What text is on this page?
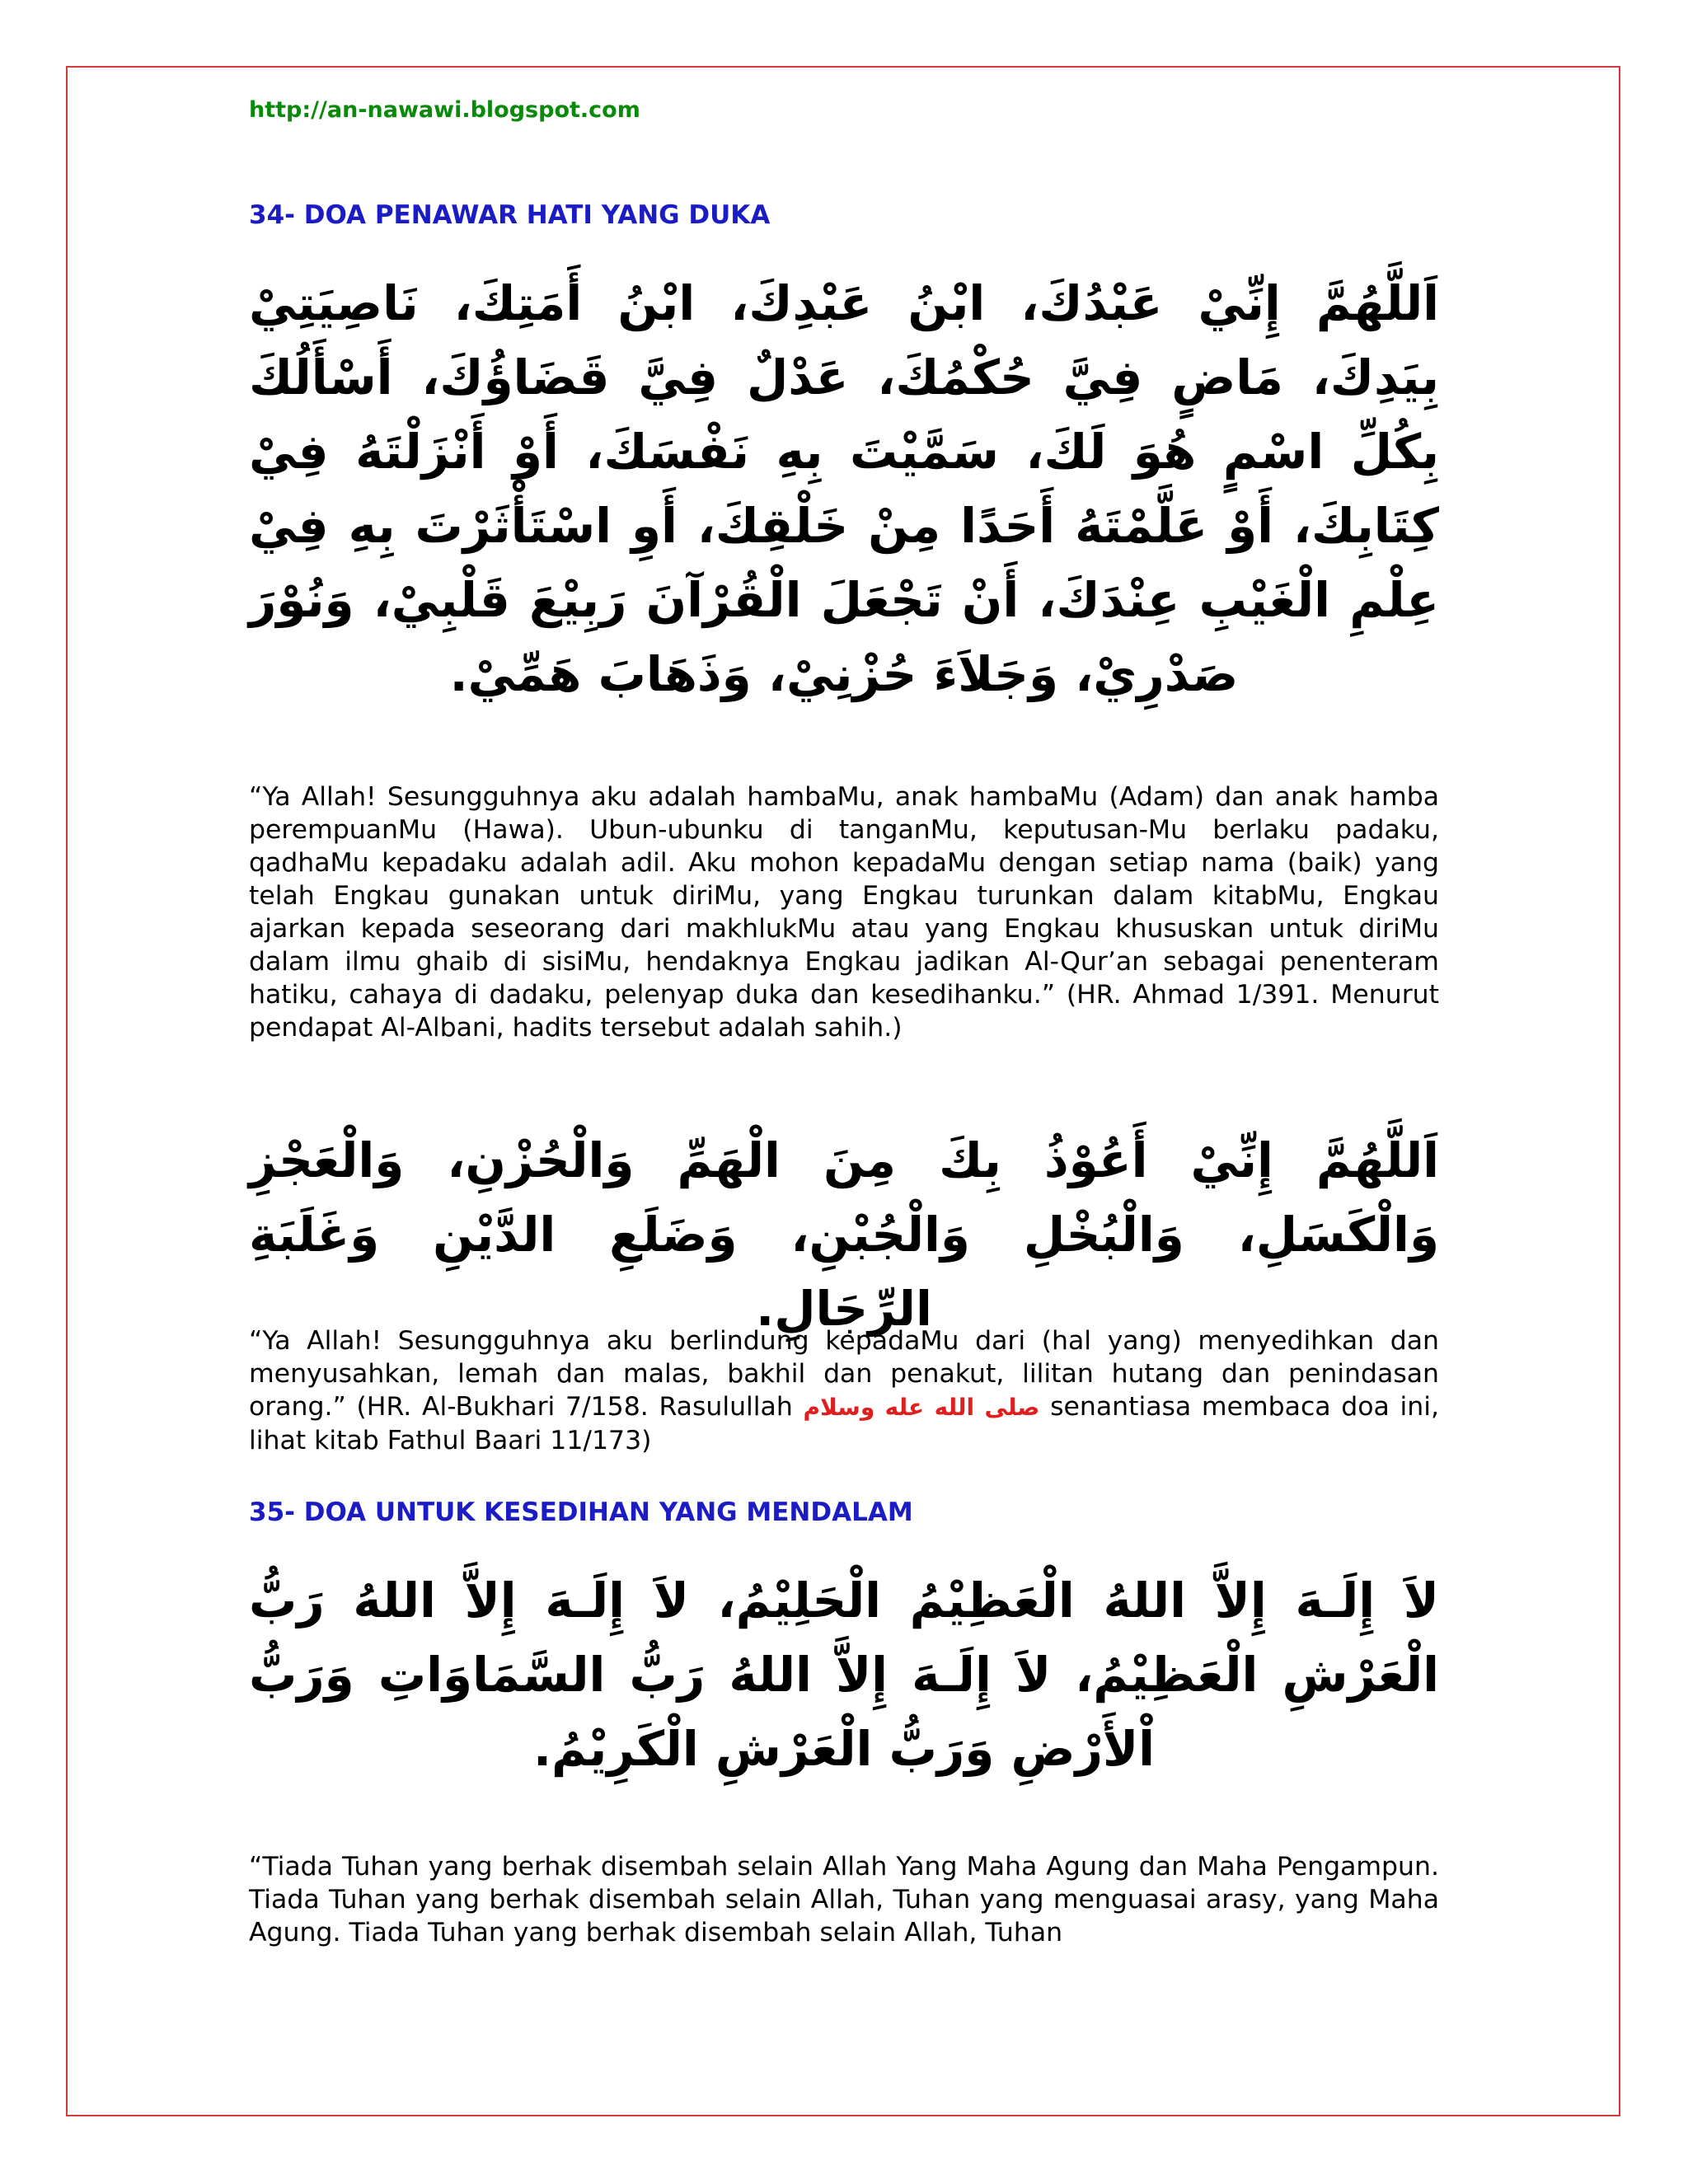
http://an-nawawi.blogspot.com
34- DOA PENAWAR HATI YANG DUKA
اَللَّهُمَّ إِنِّيْ عَبْدُكَ، ابْنُ عَبْدِكَ، ابْنُ أَمَتِكَ، نَاصِيَتِيْ بِيَدِكَ، مَاضٍ فِيَّ حُكْمُكَ، عَدْلٌ فِيَّ قَضَاؤُكَ، أَسْأَلُكَ بِكُلِّ اسْمٍ هُوَ لَكَ، سَمَّيْتَ بِهِ نَفْسَكَ، أَوْ أَنْزَلْتَهُ فِيْ كِتَابِكَ، أَوْ عَلَّمْتَهُ أَحَدًا مِنْ خَلْقِكَ، أَوِ اسْتَأْثَرْتَ بِهِ فِيْ عِلْمِ الْغَيْبِ عِنْدَكَ، أَنْ تَجْعَلَ الْقُرْآنَ رَبِيْعَ قَلْبِيْ، وَنُوْرَ صَدْرِيْ، وَجَلاَءَ حُزْنِيْ، وَذَهَابَ هَمِّيْ.
“Ya Allah! Sesungguhnya aku adalah hambaMu, anak hambaMu (Adam) dan anak hamba perempuanMu (Hawa). Ubun-ubunku di tanganMu, keputusan-Mu berlaku padaku, qadhaMu kepadaku adalah adil. Aku mohon kepadaMu dengan setiap nama (baik) yang telah Engkau gunakan untuk diriMu, yang Engkau turunkan dalam kitabMu, Engkau ajarkan kepada seseorang dari makhlukMu atau yang Engkau khususkan untuk diriMu dalam ilmu ghaib di sisiMu, hendaknya Engkau jadikan Al-Qur’an sebagai penenteram hatiku, cahaya di dadaku, pelenyap duka dan kesedihanku.” (HR. Ahmad 1/391. Menurut pendapat Al-Albani, hadits tersebut adalah sahih.)
اَللَّهُمَّ إِنِّيْ أَعُوْذُ بِكَ مِنَ الْهَمِّ وَالْحُزْنِ، وَالْعَجْزِ وَالْكَسَلِ، وَالْبُخْلِ وَالْجُبْنِ، وَضَلَعِ الدَّيْنِ وَغَلَبَةِ الرِّجَالِ.
“Ya Allah! Sesungguhnya aku berlindung kepadaMu dari (hal yang) menyedihkan dan menyusahkan, lemah dan malas, bakhil dan penakut, lilitan hutang dan penindasan orang.” (HR. Al-Bukhari 7/158. Rasulullah صلى الله عله وسلام senantiasa membaca doa ini, lihat kitab Fathul Baari 11/173)
35- DOA UNTUK KESEDIHAN YANG MENDALAM
لاَ إِلَـهَ إِلاَّ اللهُ الْعَظِيْمُ الْحَلِيْمُ، لاَ إِلَـهَ إِلاَّ اللهُ رَبُّ الْعَرْشِ الْعَظِيْمُ، لاَ إِلَـهَ إِلاَّ اللهُ رَبُّ السَّمَاوَاتِ وَرَبُّ اْلأَرْضِ وَرَبُّ الْعَرْشِ الْكَرِيْمُ.
“Tiada Tuhan yang berhak disembah selain Allah Yang Maha Agung dan Maha Pengampun. Tiada Tuhan yang berhak disembah selain Allah, Tuhan yang menguasai arasy, yang Maha Agung. Tiada Tuhan yang berhak disembah selain Allah, Tuhan
